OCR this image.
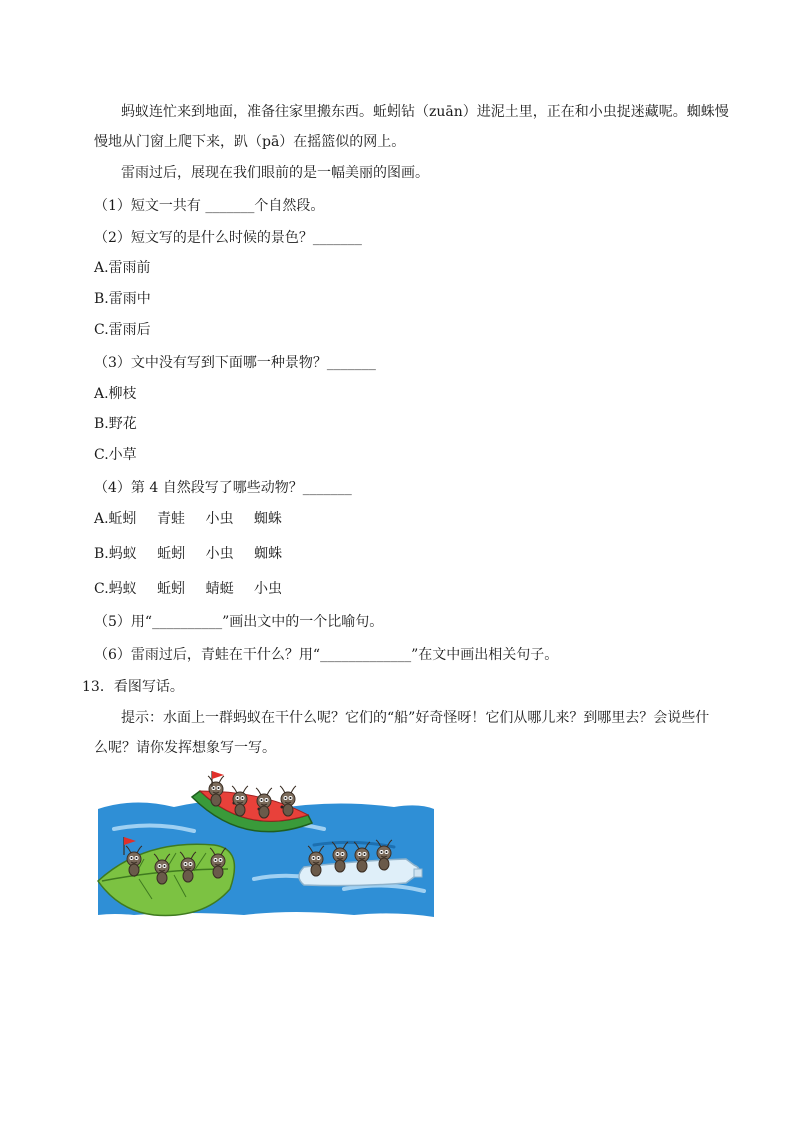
蚂蚁连忙来到地面，准备往家里搬东西。蚯蚓钻（zuān）进泥土里，正在和小虫捉迷藏呢。蜘蛛慢
慢地从门窗上爬下来，趴（pā）在摇篮似的网上。
雷雨过后，展现在我们眼前的是一幅美丽的图画。
（1）短文一共有 _______个自然段。
（2）短文写的是什么时候的景色？_______
A.雷雨前
B.雷雨中
C.雷雨后
（3）文中没有写到下面哪一种景物？_______
A.柳枝
B.野花
C.小草
（4）第 4 自然段写了哪些动物？_______
A.蚯蚓 青蛙 小虫 蜘蛛
B.蚂蚁 蚯蚓 小虫 蜘蛛
C.蚂蚁 蚯蚓 蜻蜓 小虫
（5）用“__________”画出文中的一个比喻句。
（6）雷雨过后，青蛙在干什么？用“_____________”在文中画出相关句子。
13．看图写话。
提示：水面上一群蚂蚁在干什么呢？它们的“船”好奇怪呀！它们从哪儿来？到哪里去？会说些什
么呢？请你发挥想象写一写。
